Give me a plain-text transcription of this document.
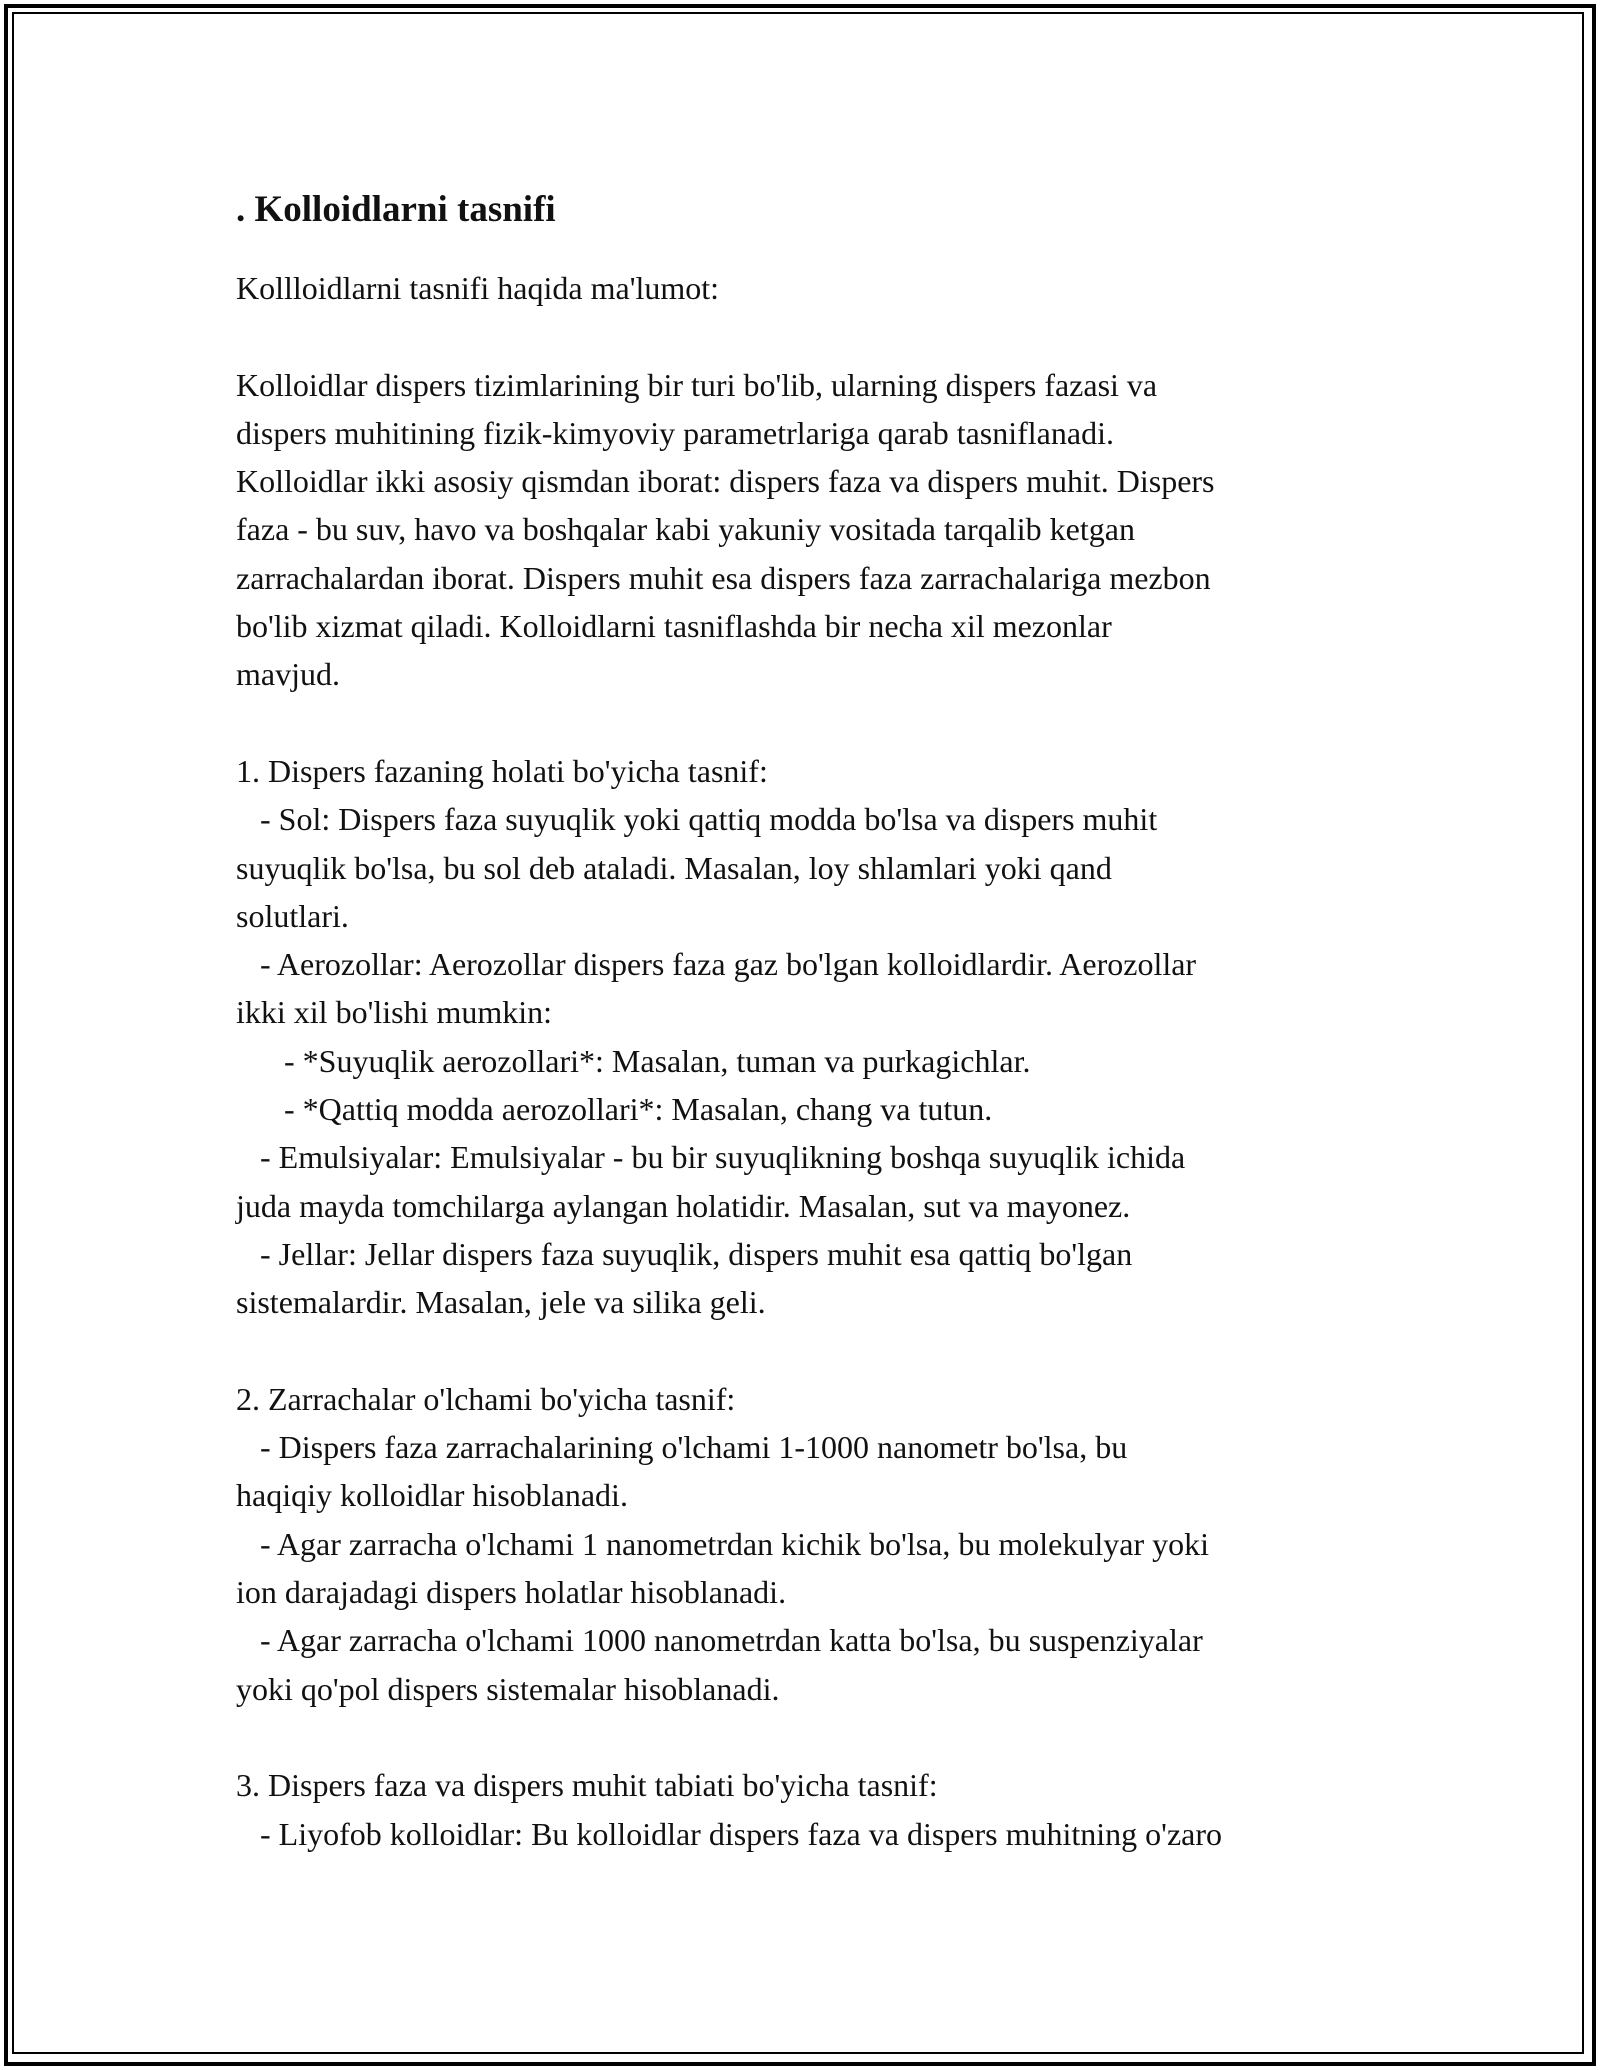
. Kolloidlarni tasnifi

Kollloidlarni tasnifi haqida ma'lumot:

Kolloidlar dispers tizimlarining bir turi bo'lib, ularning dispers fazasi va

dispers muhitining fizik-kimyoviy parametrlariga qarab tasniflanadi.

Kolloidlar ikki asosiy qismdan iborat: dispers faza va dispers muhit. Dispers

faza - bu suv, havo va boshqalar kabi yakuniy vositada tarqalib ketgan

zarrachalardan iborat. Dispers muhit esa dispers faza zarrachalariga mezbon

bo'lib xizmat qiladi. Kolloidlarni tasniflashda bir necha xil mezonlar

mavjud.

1. Dispers fazaning holati bo'yicha tasnif:

- Sol: Dispers faza suyuqlik yoki qattiq modda bo'lsa va dispers muhit

suyuqlik bo'lsa, bu sol deb ataladi. Masalan, loy shlamlari yoki qand

solutlari.

- Aerozollar: Aerozollar dispers faza gaz bo'lgan kolloidlardir. Aerozollar

ikki xil bo'lishi mumkin:

- *Suyuqlik aerozollari*: Masalan, tuman va purkagichlar.

- *Qattiq modda aerozollari*: Masalan, chang va tutun.

- Emulsiyalar: Emulsiyalar - bu bir suyuqlikning boshqa suyuqlik ichida

juda mayda tomchilarga aylangan holatidir. Masalan, sut va mayonez.

- Jellar: Jellar dispers faza suyuqlik, dispers muhit esa qattiq bo'lgan

sistemalardir. Masalan, jele va silika geli.

2. Zarrachalar o'lchami bo'yicha tasnif:

- Dispers faza zarrachalarining o'lchami 1-1000 nanometr bo'lsa, bu

haqiqiy kolloidlar hisoblanadi.

- Agar zarracha o'lchami 1 nanometrdan kichik bo'lsa, bu molekulyar yoki

ion darajadagi dispers holatlar hisoblanadi.

- Agar zarracha o'lchami 1000 nanometrdan katta bo'lsa, bu suspenziyalar

yoki qo'pol dispers sistemalar hisoblanadi.

3. Dispers faza va dispers muhit tabiati bo'yicha tasnif:

- Liyofob kolloidlar: Bu kolloidlar dispers faza va dispers muhitning o'zaro
